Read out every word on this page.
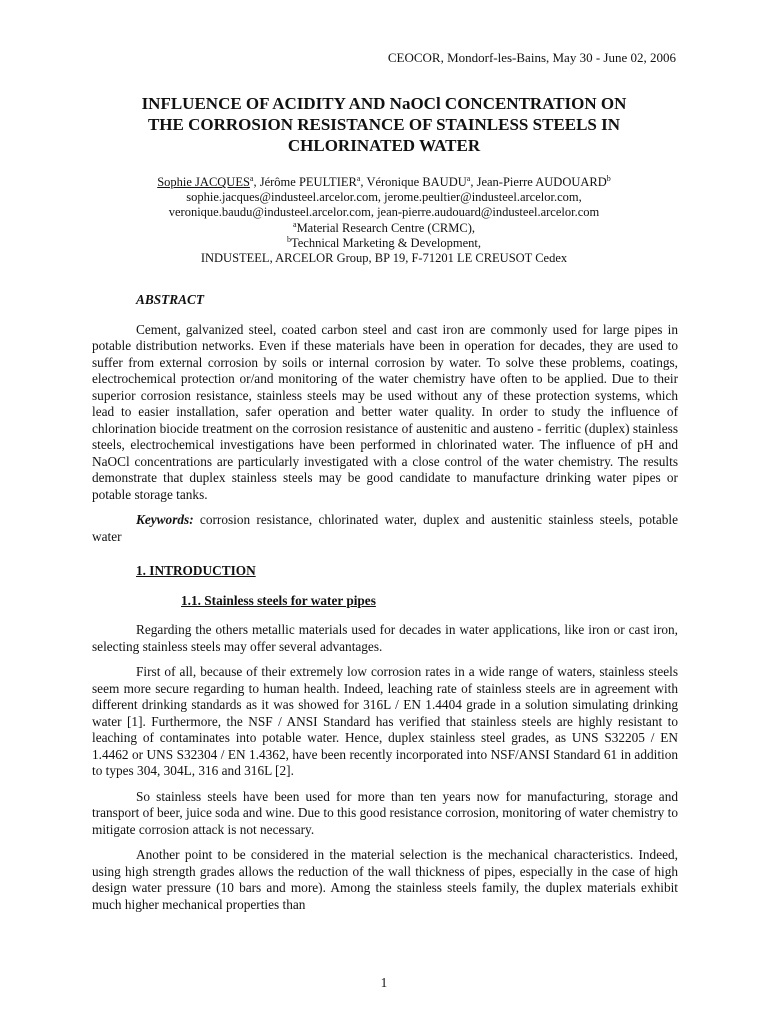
CEOCOR, Mondorf-les-Bains, May 30 - June 02, 2006
INFLUENCE OF ACIDITY AND NaOCl CONCENTRATION ON
THE CORROSION RESISTANCE OF STAINLESS STEELS IN
CHLORINATED WATER
Sophie JACQUES$^a$, Jérôme PEULTIER$^a$, Véronique BAUDU$^a$, Jean-Pierre AUDOUARD$^b$
sophie.jacques@industeel.arcelor.com, jerome.peultier@industeel.arcelor.com,
veronique.baudu@industeel.arcelor.com, jean-pierre.audouard@industeel.arcelor.com
$^a$Material Research Centre (CRMC),
$^b$Technical Marketing & Development,
INDUSTEEL, ARCELOR Group, BP 19, F-71201 LE CREUSOT Cedex
ABSTRACT

Cement, galvanized steel, coated carbon steel and cast iron are commonly used for large pipes in potable distribution networks. Even if these materials have been in operation for decades, they are used to suffer from external corrosion by soils or internal corrosion by water. To solve these problems, coatings, electrochemical protection or/and monitoring of the water chemistry have often to be applied. Due to their superior corrosion resistance, stainless steels may be used without any of these protection systems, which lead to easier installation, safer operation and better water quality. In order to study the influence of chlorination biocide treatment on the corrosion resistance of austenitic and austeno - ferritic (duplex) stainless steels, electrochemical investigations have been performed in chlorinated water. The influence of pH and NaOCl concentrations are particularly investigated with a close control of the water chemistry. The results demonstrate that duplex stainless steels may be good candidate to manufacture drinking water pipes or potable storage tanks.

Keywords: corrosion resistance, chlorinated water, duplex and austenitic stainless steels, potable water

1. INTRODUCTION
1.1. Stainless steels for water pipes

Regarding the others metallic materials used for decades in water applications, like iron or cast iron, selecting stainless steels may offer several advantages.

First of all, because of their extremely low corrosion rates in a wide range of waters, stainless steels seem more secure regarding to human health. Indeed, leaching rate of stainless steels are in agreement with different drinking standards as it was showed for 316L / EN 1.4404 grade in a solution simulating drinking water [1]. Furthermore, the NSF / ANSI Standard has verified that stainless steels are highly resistant to leaching of contaminates into potable water. Hence, duplex stainless steel grades, as UNS S32205 / EN 1.4462 or UNS S32304 / EN 1.4362, have been recently incorporated into NSF/ANSI Standard 61 in addition to types 304, 304L, 316 and 316L [2].

So stainless steels have been used for more than ten years now for manufacturing, storage and transport of beer, juice soda and wine. Due to this good resistance corrosion, monitoring of water chemistry to mitigate corrosion attack is not necessary.

Another point to be considered in the material selection is the mechanical characteristics. Indeed, using high strength grades allows the reduction of the wall thickness of pipes, especially in the case of high design water pressure (10 bars and more). Among the stainless steels family, the duplex materials exhibit much higher mechanical properties than

1
